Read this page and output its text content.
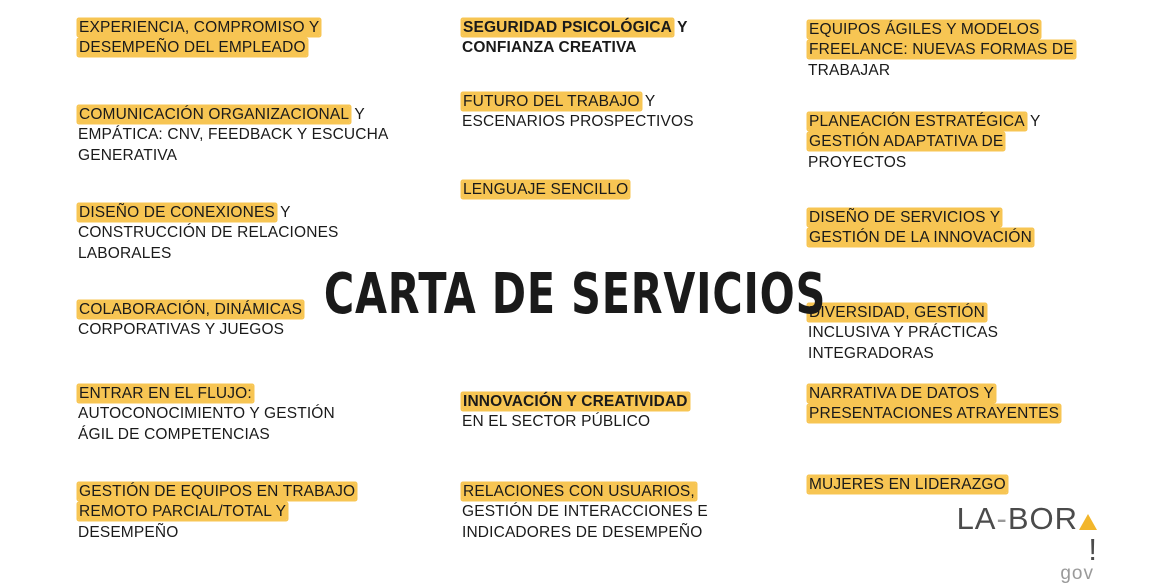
EXPERIENCIA, COMPROMISO Y
DESEMPEÑO DEL EMPLEADO
COMUNICACIÓN ORGANIZACIONAL Y
EMPÁTICA: CNV, FEEDBACK Y ESCUCHA
GENERATIVA
DISEÑO DE CONEXIONES Y
CONSTRUCCIÓN DE RELACIONES
LABORALES
COLABORACIÓN, DINÁMICAS
CORPORATIVAS Y JUEGOS
ENTRAR EN EL FLUJO:
AUTOCONOCIMIENTO Y GESTIÓN
ÁGIL DE COMPETENCIAS
GESTIÓN DE EQUIPOS EN TRABAJO
REMOTO PARCIAL/TOTAL Y
DESEMPEÑO
SEGURIDAD PSICOLÓGICA Y
CONFIANZA CREATIVA
FUTURO DEL TRABAJO Y
ESCENARIOS PROSPECTIVOS
LENGUAJE SENCILLO
INNOVACIÓN Y CREATIVIDAD
EN EL SECTOR PÚBLICO
RELACIONES CON USUARIOS,
GESTIÓN DE INTERACCIONES E
INDICADORES DE DESEMPEÑO
EQUIPOS ÁGILES Y MODELOS
FREELANCE: NUEVAS FORMAS DE
TRABAJAR
PLANEACIÓN ESTRATÉGICA Y
GESTIÓN ADAPTATIVA DE
PROYECTOS
DISEÑO DE SERVICIOS Y
GESTIÓN DE LA INNOVACIÓN
DIVERSIDAD, GESTIÓN
INCLUSIVA Y PRÁCTICAS
INTEGRADORAS
NARRATIVA DE DATOS Y
PRESENTACIONES ATRAYENTES
MUJERES EN LIDERAZGO
CARTA DE SERVICIOS
LA-BOR!
gov
